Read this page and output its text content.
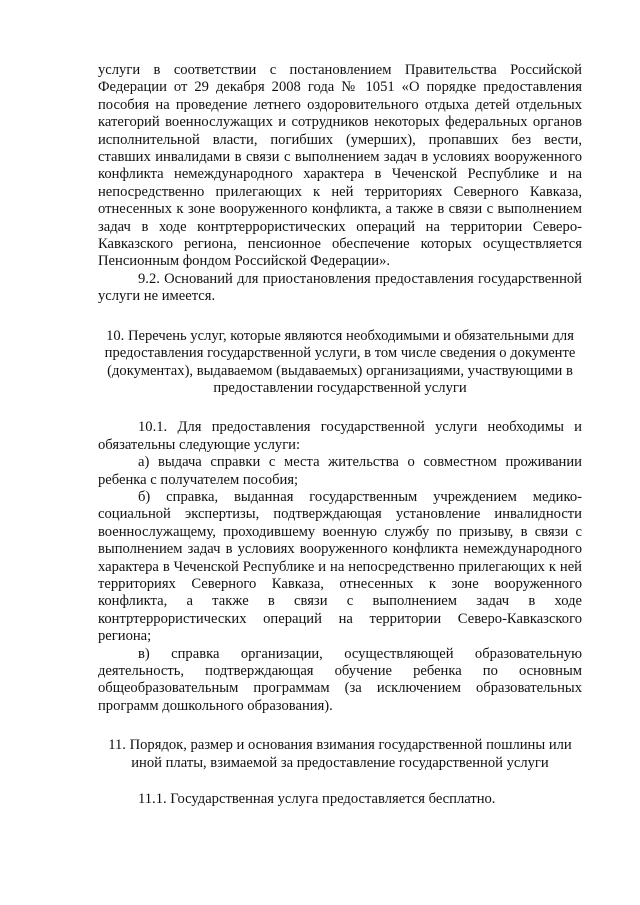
услуги в соответствии с постановлением Правительства Российской Федерации от 29 декабря 2008 года № 1051 «О порядке предоставления пособия на проведение летнего оздоровительного отдыха детей отдельных категорий военнослужащих и сотрудников некоторых федеральных органов исполнительной власти, погибших (умерших), пропавших без вести, ставших инвалидами в связи с выполнением задач в условиях вооруженного конфликта немеждународного характера в Чеченской Республике и на непосредственно прилегающих к ней территориях Северного Кавказа, отнесенных к зоне вооруженного конфликта, а также в связи с выполнением задач в ходе контртеррористических операций на территории Северо-Кавказского региона, пенсионное обеспечение которых осуществляется Пенсионным фондом Российской Федерации».

9.2. Оснований для приостановления предоставления государственной услуги не имеется.

10. Перечень услуг, которые являются необходимыми и обязательными для предоставления государственной услуги, в том числе сведения о документе (документах), выдаваемом (выдаваемых) организациями, участвующими в предоставлении государственной услуги

10.1. Для предоставления государственной услуги необходимы и обязательны следующие услуги:

а) выдача справки с места жительства о совместном проживании ребенка с получателем пособия;

б) справка, выданная государственным учреждением медико-социальной экспертизы, подтверждающая установление инвалидности военнослужащему, проходившему военную службу по призыву, в связи с выполнением задач в условиях вооруженного конфликта немеждународного характера в Чеченской Республике и на непосредственно прилегающих к ней территориях Северного Кавказа, отнесенных к зоне вооруженного конфликта, а также в связи с выполнением задач в ходе контртеррористических операций на территории Северо-Кавказского региона;

в) справка организации, осуществляющей образовательную деятельность, подтверждающая обучение ребенка по основным общеобразовательным программам (за исключением образовательных программ дошкольного образования).

11. Порядок, размер и основания взимания государственной пошлины или иной платы, взимаемой за предоставление государственной услуги

11.1. Государственная услуга предоставляется бесплатно.
